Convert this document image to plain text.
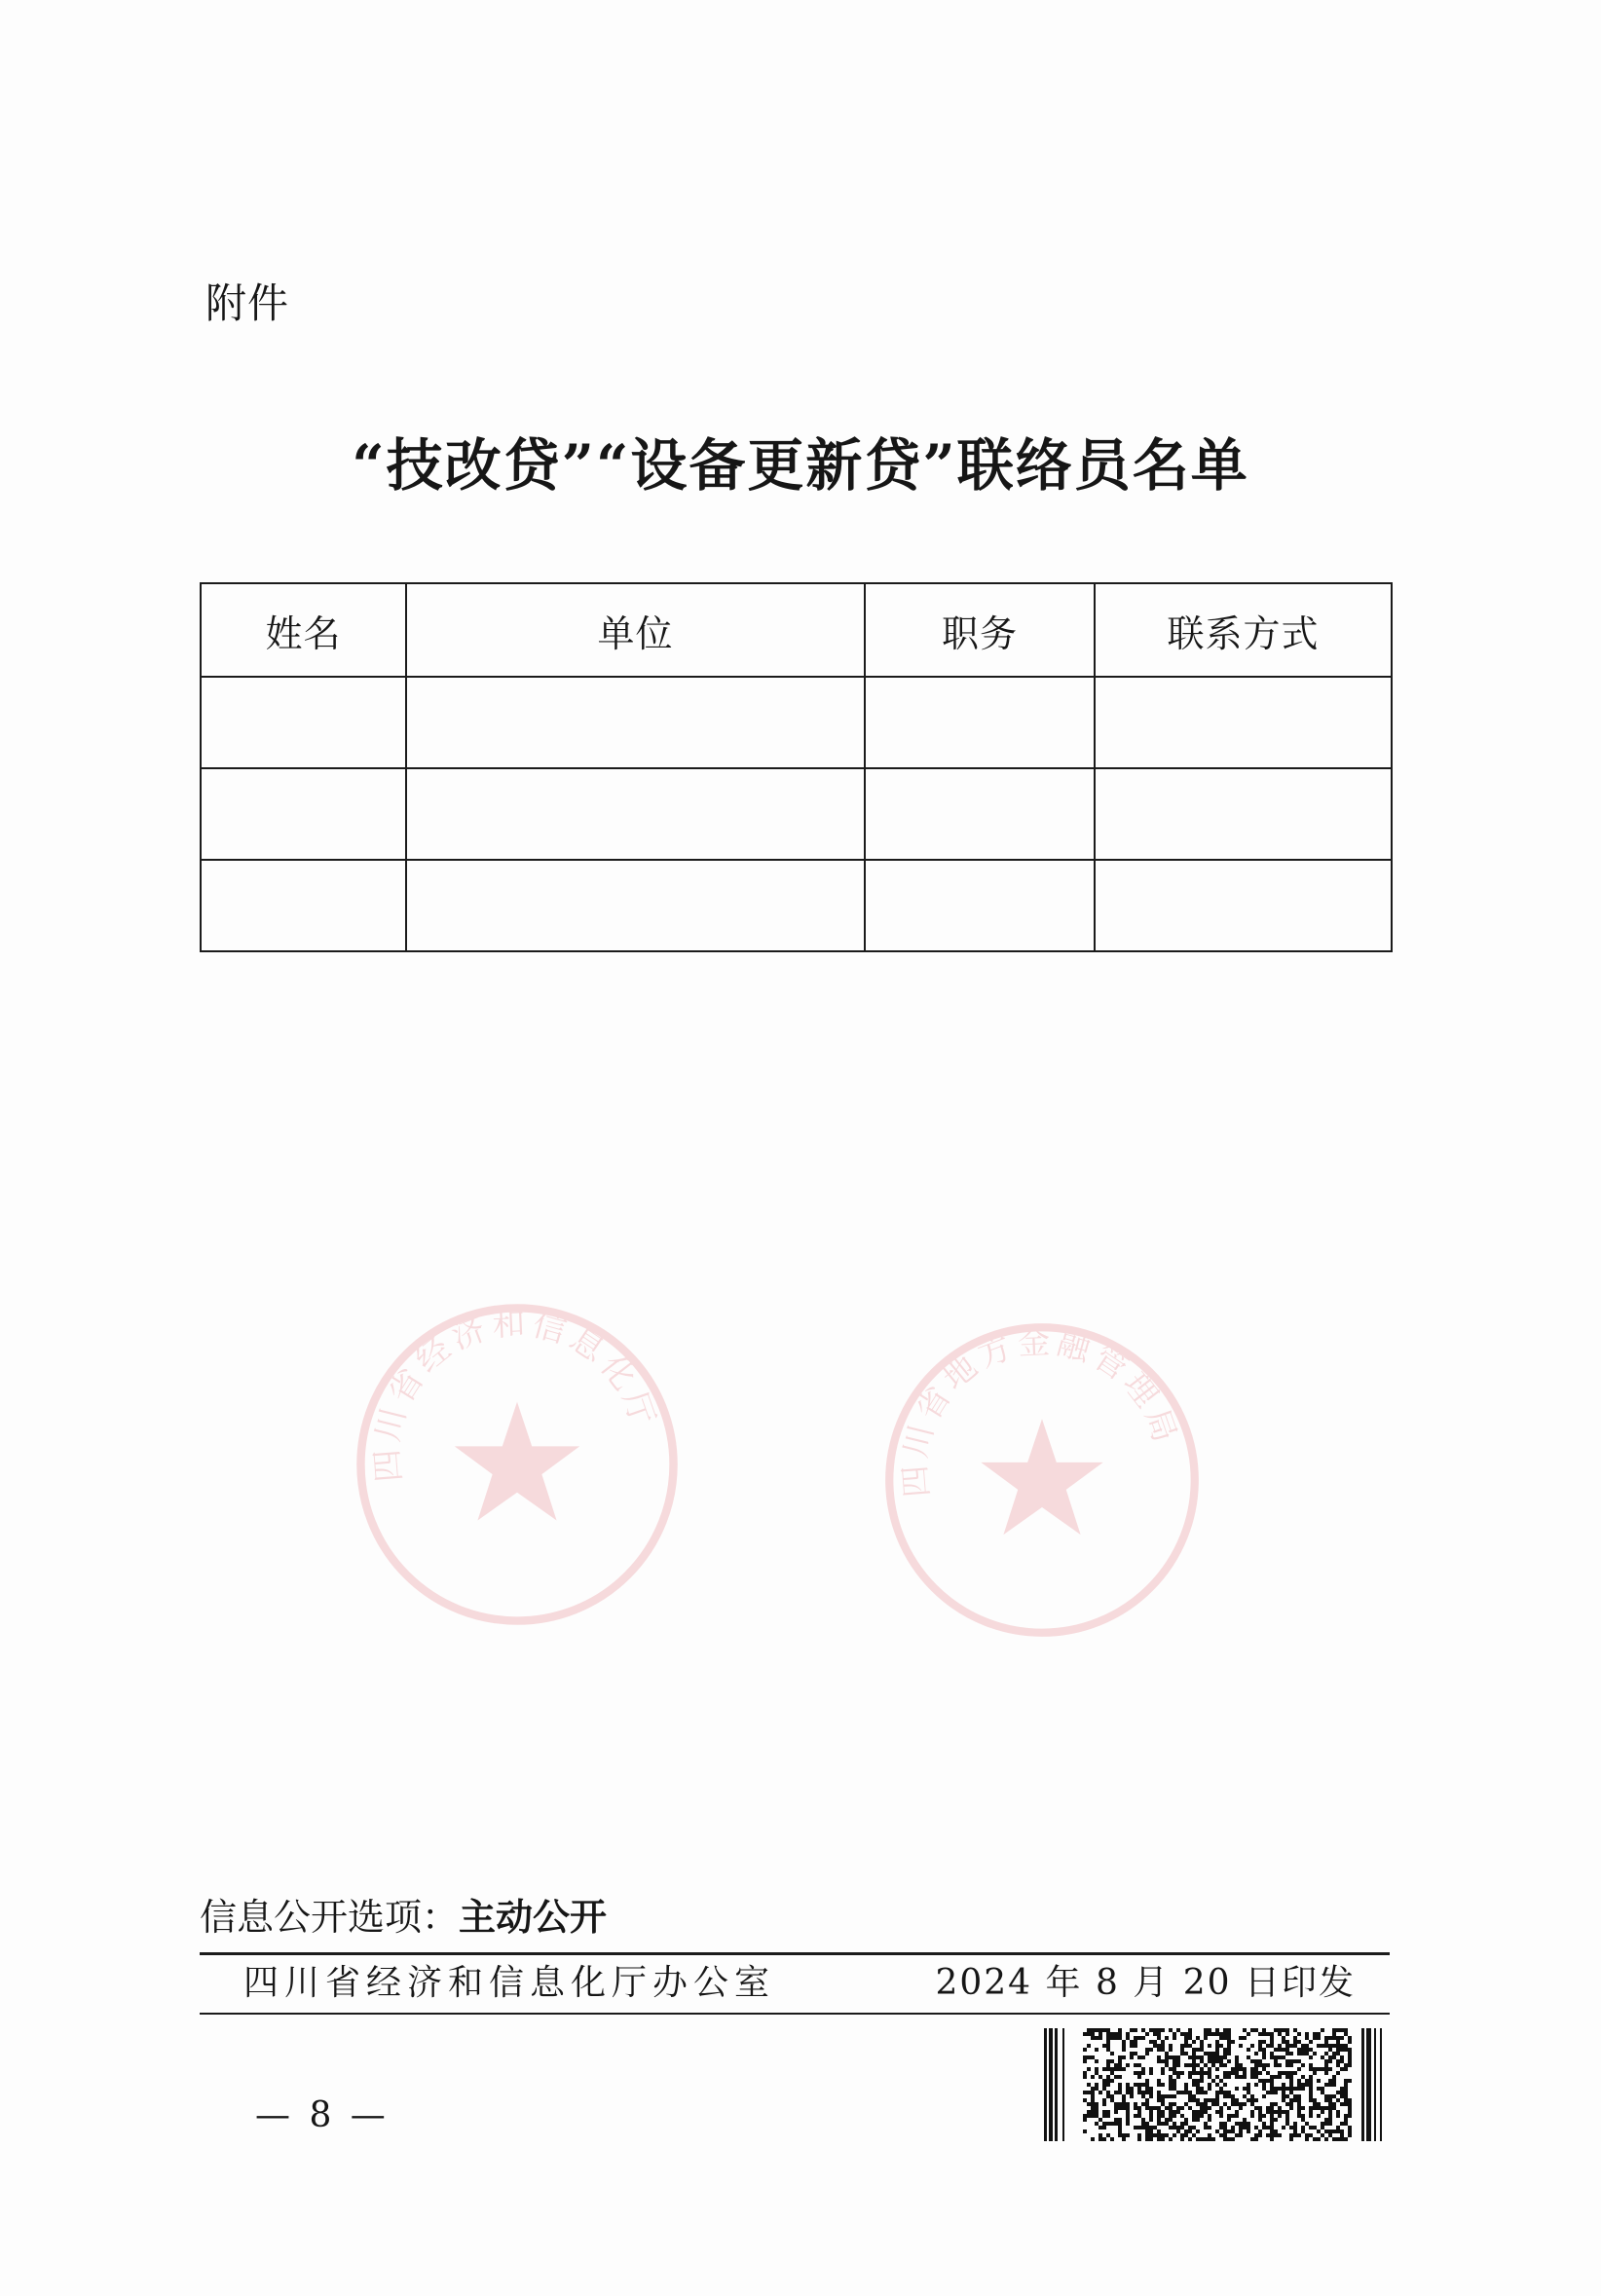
附件
“技改贷”“设备更新贷”联络员名单
姓名	单位	职务	联系方式

四川省经济和信息化厅
四川省地方金融管理局
信息公开选项：主动公开
四川省经济和信息化厅办公室	2024 年 8 月 20 日印发
— 8 —
